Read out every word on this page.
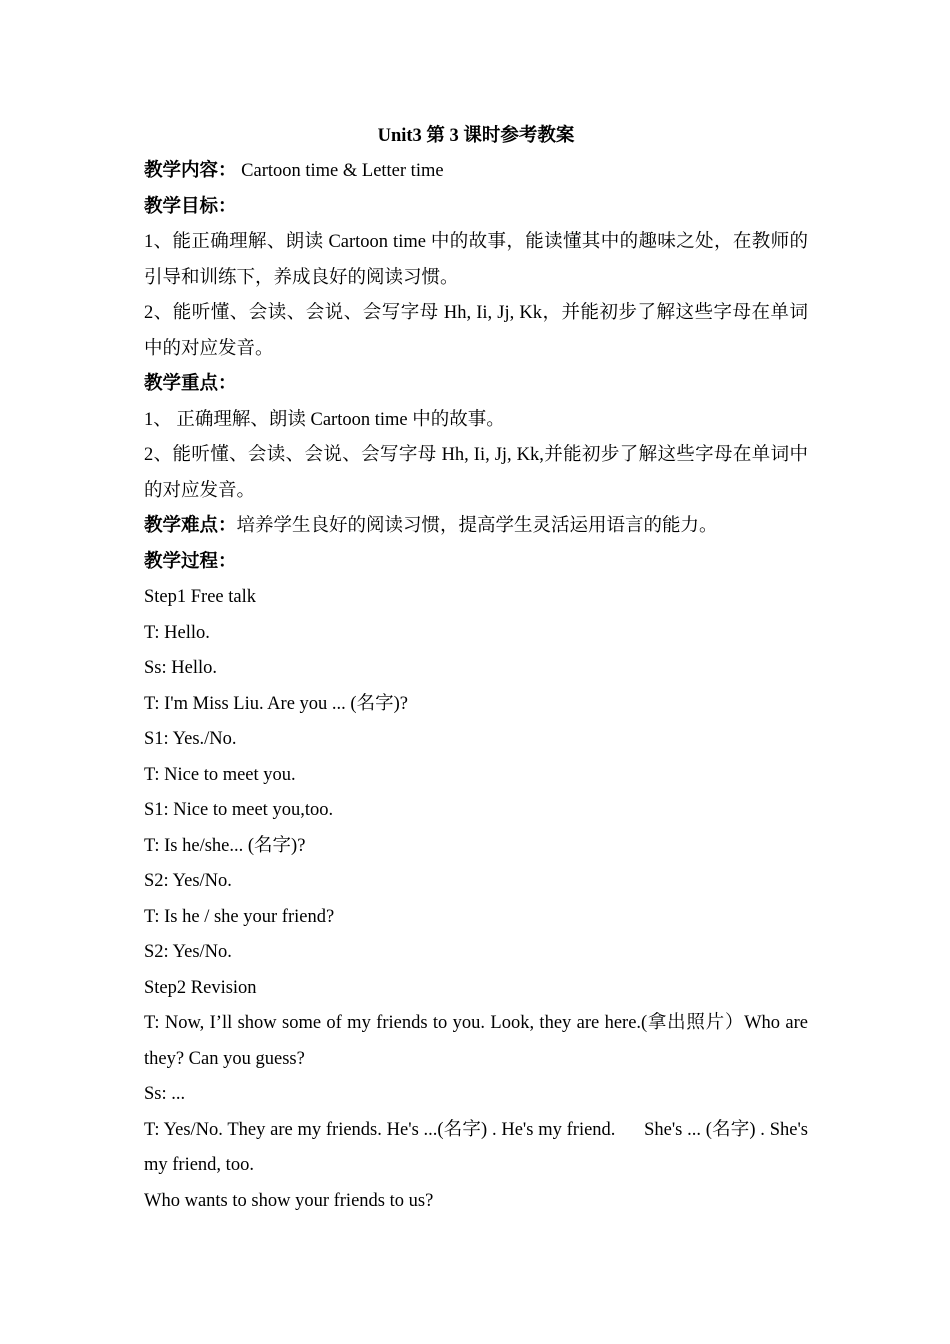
Unit3 第 3 课时参考教案

教学内容： Cartoon time & Letter time

教学目标：

1、能正确理解、朗读 Cartoon time 中的故事，能读懂其中的趣味之处，在教师的引导和训练下，养成良好的阅读习惯。

2、能听懂、会读、会说、会写字母 Hh, Ii, Jj, Kk，并能初步了解这些字母在单词中的对应发音。

教学重点：

1、 正确理解、朗读 Cartoon time 中的故事。

2、能听懂、会读、会说、会写字母 Hh, Ii, Jj, Kk,并能初步了解这些字母在单词中的对应发音。

教学难点：培养学生良好的阅读习惯，提高学生灵活运用语言的能力。

教学过程：

Step1 Free talk

T: Hello.

Ss: Hello.

T: I'm Miss Liu. Are you ... (名字)?

S1: Yes./No.

T: Nice to meet you.

S1: Nice to meet you,too.

T: Is he/she... (名字)?

S2: Yes/No.

T: Is he / she your friend?

S2: Yes/No.

Step2 Revision

T: Now, I’ll show some of my friends to you. Look, they are here.(拿出照片）Who are they? Can you guess?

Ss: ...

T: Yes/No. They are my friends. He's ...(名字) . He's my friend.      She's ... (名字) . She's my friend, too.

Who wants to show your friends to us?
